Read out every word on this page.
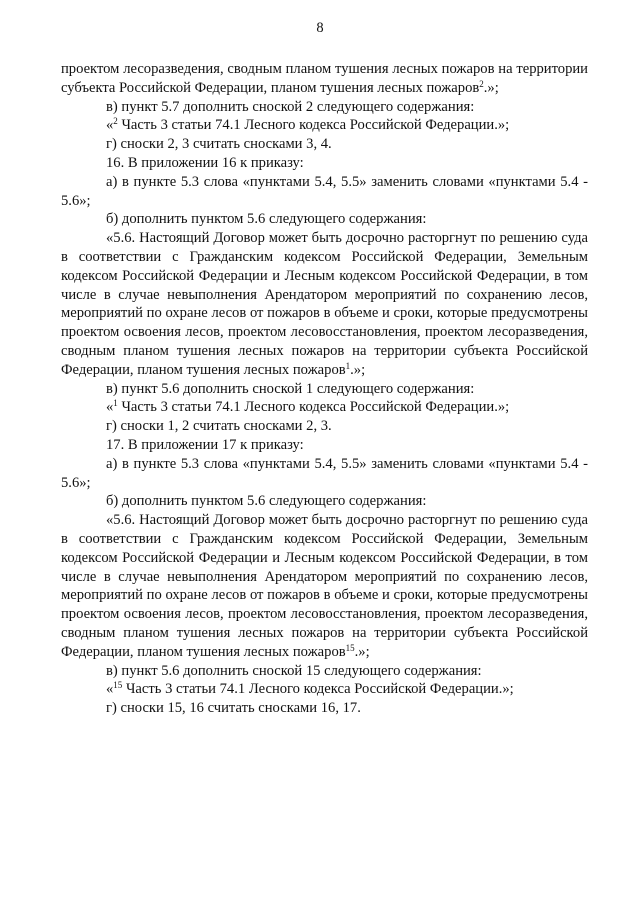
8

проектом лесоразведения, сводным планом тушения лесных пожаров на территории субъекта Российской Федерации, планом тушения лесных пожаров$^2$.»;

в) пункт 5.7 дополнить сноской 2 следующего содержания:

«$^2$ Часть 3 статьи 74.1 Лесного кодекса Российской Федерации.»;

г) сноски 2, 3 считать сносками 3, 4.

16. В приложении 16 к приказу:

а) в пункте 5.3 слова «пунктами 5.4, 5.5» заменить словами «пунктами 5.4 - 5.6»;

б) дополнить пунктом 5.6 следующего содержания:

«5.6. Настоящий Договор может быть досрочно расторгнут по решению суда в соответствии с Гражданским кодексом Российской Федерации, Земельным кодексом Российской Федерации и Лесным кодексом Российской Федерации, в том числе в случае невыполнения Арендатором мероприятий по сохранению лесов, мероприятий по охране лесов от пожаров в объеме и сроки, которые предусмотрены проектом освоения лесов, проектом лесовосстановления, проектом лесоразведения, сводным планом тушения лесных пожаров на территории субъекта Российской Федерации, планом тушения лесных пожаров$^1$.»;

в) пункт 5.6 дополнить сноской 1 следующего содержания:

«$^1$ Часть 3 статьи 74.1 Лесного кодекса Российской Федерации.»;

г) сноски 1, 2 считать сносками 2, 3.

17. В приложении 17 к приказу:

а) в пункте 5.3 слова «пунктами 5.4, 5.5» заменить словами «пунктами 5.4 - 5.6»;

б) дополнить пунктом 5.6 следующего содержания:

«5.6. Настоящий Договор может быть досрочно расторгнут по решению суда в соответствии с Гражданским кодексом Российской Федерации, Земельным кодексом Российской Федерации и Лесным кодексом Российской Федерации, в том числе в случае невыполнения Арендатором мероприятий по сохранению лесов, мероприятий по охране лесов от пожаров в объеме и сроки, которые предусмотрены проектом освоения лесов, проектом лесовосстановления, проектом лесоразведения, сводным планом тушения лесных пожаров на территории субъекта Российской Федерации, планом тушения лесных пожаров$^{15}$.»;

в) пункт 5.6 дополнить сноской 15 следующего содержания:

«$^{15}$ Часть 3 статьи 74.1 Лесного кодекса Российской Федерации.»;

г) сноски 15, 16 считать сносками 16, 17.
